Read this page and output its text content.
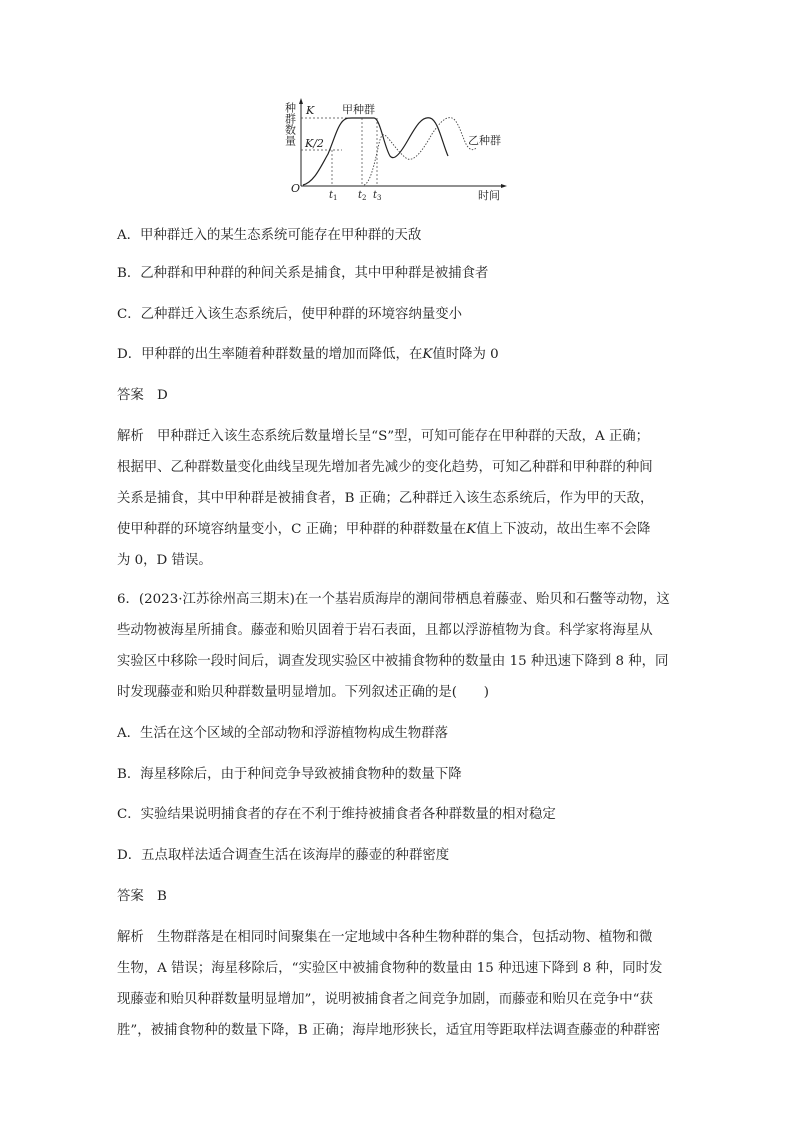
种群数量 K
K/2
O
甲种群
乙种群
$t_1$ $t_2$ $t_3$	时间
A．甲种群迁入的某生态系统可能存在甲种群的天敌
B．乙种群和甲种群的种间关系是捕食，其中甲种群是被捕食者
C．乙种群迁入该生态系统后，使甲种群的环境容纳量变小
D．甲种群的出生率随着种群数量的增加而降低，在K值时降为 0
答案 D
解析 甲种群迁入该生态系统后数量增长呈“S”型，可知可能存在甲种群的天敌，A 正确；
根据甲、乙种群数量变化曲线呈现先增加者先减少的变化趋势，可知乙种群和甲种群的种间
关系是捕食，其中甲种群是被捕食者，B 正确；乙种群迁入该生态系统后，作为甲的天敌，
使甲种群的环境容纳量变小，C 正确；甲种群的种群数量在K值上下波动，故出生率不会降
为 0，D 错误。
6．(2023·江苏徐州高三期末)在一个基岩质海岸的潮间带栖息着藤壶、贻贝和石鳖等动物，这
些动物被海星所捕食。藤壶和贻贝固着于岩石表面，且都以浮游植物为食。科学家将海星从
实验区中移除一段时间后，调查发现实验区中被捕食物种的数量由 15 种迅速下降到 8 种，同
时发现藤壶和贻贝种群数量明显增加。下列叙述正确的是(　　)
A．生活在这个区域的全部动物和浮游植物构成生物群落
B．海星移除后，由于种间竞争导致被捕食物种的数量下降
C．实验结果说明捕食者的存在不利于维持被捕食者各种群数量的相对稳定
D．五点取样法适合调查生活在该海岸的藤壶的种群密度
答案 B
解析 生物群落是在相同时间聚集在一定地域中各种生物种群的集合，包括动物、植物和微
生物，A 错误；海星移除后，“实验区中被捕食物种的数量由 15 种迅速下降到 8 种，同时发
现藤壶和贻贝种群数量明显增加”，说明被捕食者之间竞争加剧，而藤壶和贻贝在竞争中“获
胜”，被捕食物种的数量下降，B 正确；海岸地形狭长，适宜用等距取样法调查藤壶的种群密
